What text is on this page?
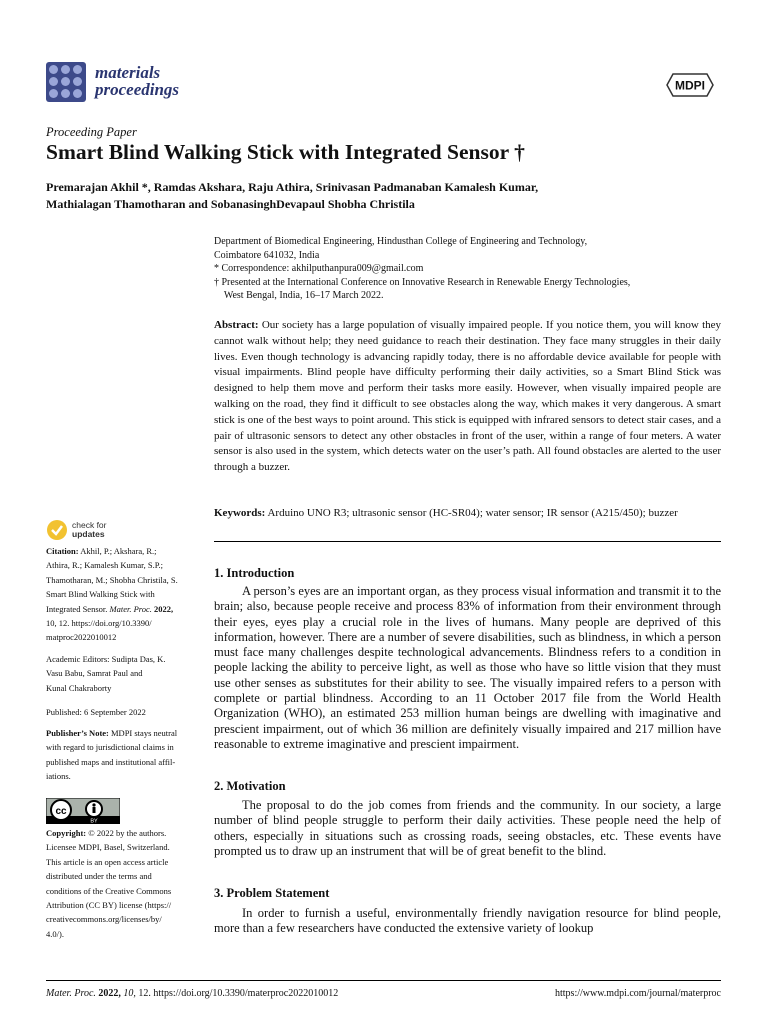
materials
proceedings	MDPI
Proceeding Paper
Smart Blind Walking Stick with Integrated Sensor †
Premarajan Akhil *, Ramdas Akshara, Raju Athira, Srinivasan Padmanaban Kamalesh Kumar,
Mathialagan Thamotharan and SobanasinghDevapaul Shobha Christila
Department of Biomedical Engineering, Hindusthan College of Engineering and Technology,
Coimbatore 641032, India
* Correspondence: akhilputhanpura009@gmail.com
† Presented at the International Conference on Innovative Research in Renewable Energy Technologies,
West Bengal, India, 16–17 March 2022.
Abstract: Our society has a large population of visually impaired people. If you notice them, you will know they cannot walk without help; they need guidance to reach their destination. They face many struggles in their daily lives. Even though technology is advancing rapidly today, there is no affordable device available for people with visual impairments. Blind people have difficulty performing their daily activities, so a Smart Blind Stick was designed to help them move and perform their tasks more easily. However, when visually impaired people are walking on the road, they find it difficult to see obstacles along the way, which makes it very dangerous. A smart stick is one of the best ways to point around. This stick is equipped with infrared sensors to detect stair cases, and a pair of ultrasonic sensors to detect any other obstacles in front of the user, within a range of four meters. A water sensor is also used in the system, which detects water on the user’s path. All found obstacles are alerted to the user through a buzzer.
Keywords: Arduino UNO R3; ultrasonic sensor (HC-SR04); water sensor; IR sensor (A215/450); buzzer
check for
updates
Citation: Akhil, P.; Akshara, R.;
Athira, R.; Kamalesh Kumar, S.P.;
Thamotharan, M.; Shobha Christila, S.
Smart Blind Walking Stick with
Integrated Sensor. Mater. Proc. 2022,
10, 12. https://doi.org/10.3390/
matproc2022010012
Academic Editors: Sudipta Das, K.
Vasu Babu, Samrat Paul and
Kunal Chakraborty
Published: 6 September 2022
Publisher’s Note: MDPI stays neutral
with regard to jurisdictional claims in
published maps and institutional affil-
iations.
cc
BY
Copyright: © 2022 by the authors.
Licensee MDPI, Basel, Switzerland.
This article is an open access article
distributed under the terms and
conditions of the Creative Commons
Attribution (CC BY) license (https://
creativecommons.org/licenses/by/
4.0/).
1. Introduction

A person’s eyes are an important organ, as they process visual information and transmit it to the brain; also, because people receive and process 83% of information from their environment through their eyes, eyes play a crucial role in the lives of humans. Many people are deprived of this information, however. There are a number of severe disabilities, such as blindness, in which a person must face many challenges despite technological advancements. Blindness refers to a condition in people lacking the ability to perceive light, as well as those who have so little vision that they must use other senses as substitutes for their ability to see. The visually impaired refers to a person with complete or partial blindness. According to an 11 October 2017 file from the World Health Organization (WHO), an estimated 253 million human beings are dwelling with imaginative and prescient impairment, out of which 36 million are definitely visually impaired and 217 million have reasonable to extreme imaginative and prescient impairment.

2. Motivation

The proposal to do the job comes from friends and the community. In our society, a large number of blind people struggle to perform their daily activities. These people need the help of others, especially in situations such as crossing roads, seeing obstacles, etc. These events have prompted us to draw up an instrument that will be of great benefit to the blind.

3. Problem Statement

In order to furnish a useful, environmentally friendly navigation resource for blind people, more than a few researchers have conducted the extensive variety of lookup

Mater. Proc. 2022, 10, 12. https://doi.org/10.3390/materproc2022010012	https://www.mdpi.com/journal/materproc
